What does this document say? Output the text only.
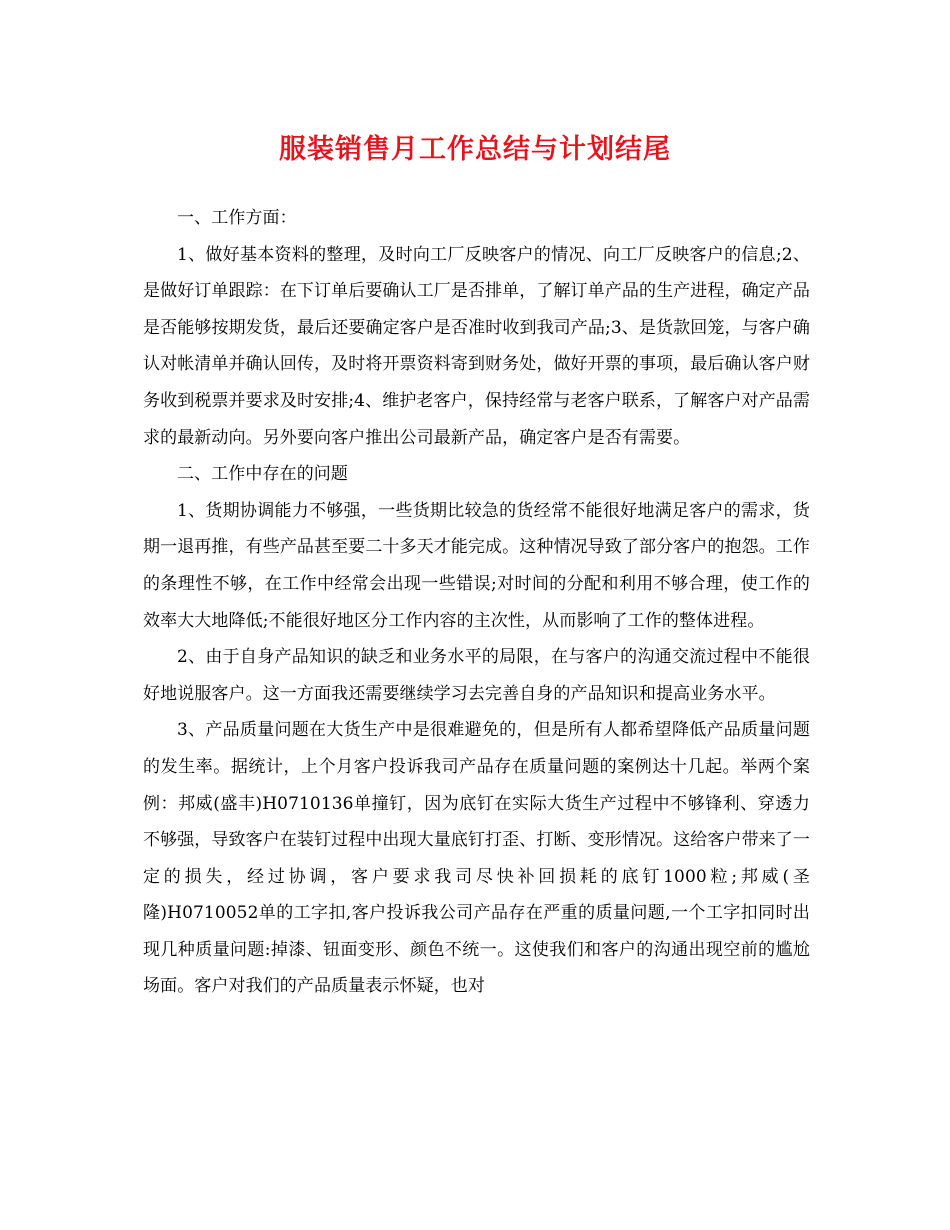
服装销售月工作总结与计划结尾

一、工作方面：

1、做好基本资料的整理，及时向工厂反映客户的情况、向工厂反映客户的信息;2、是做好订单跟踪：在下订单后要确认工厂是否排单，了解订单产品的生产进程，确定产品是否能够按期发货，最后还要确定客户是否准时收到我司产品;3、是货款回笼，与客户确认对帐清单并确认回传，及时将开票资料寄到财务处，做好开票的事项，最后确认客户财务收到税票并要求及时安排;4、维护老客户，保持经常与老客户联系，了解客户对产品需求的最新动向。另外要向客户推出公司最新产品，确定客户是否有需要。

二、工作中存在的问题

1、货期协调能力不够强，一些货期比较急的货经常不能很好地满足客户的需求，货期一退再推，有些产品甚至要二十多天才能完成。这种情况导致了部分客户的抱怨。工作的条理性不够，在工作中经常会出现一些错误;对时间的分配和利用不够合理，使工作的效率大大地降低;不能很好地区分工作内容的主次性，从而影响了工作的整体进程。

2、由于自身产品知识的缺乏和业务水平的局限，在与客户的沟通交流过程中不能很好地说服客户。这一方面我还需要继续学习去完善自身的产品知识和提高业务水平。

3、产品质量问题在大货生产中是很难避免的，但是所有人都希望降低产品质量问题的发生率。据统计，上个月客户投诉我司产品存在质量问题的案例达十几起。举两个案例：邦威(盛丰)H0710136单撞钉，因为底钉在实际大货生产过程中不够锋利、穿透力不够强，导致客户在装钉过程中出现大量底钉打歪、打断、变形情况。这给客户带来了一定的损失，经过协调，客户要求我司尽快补回损耗的底钉1000粒;邦威(圣隆)H0710052单的工字扣,客户投诉我公司产品存在严重的质量问题,一个工字扣同时出现几种质量问题:掉漆、钮面变形、颜色不统一。这使我们和客户的沟通出现空前的尴尬场面。客户对我们的产品质量表示怀疑，也对
